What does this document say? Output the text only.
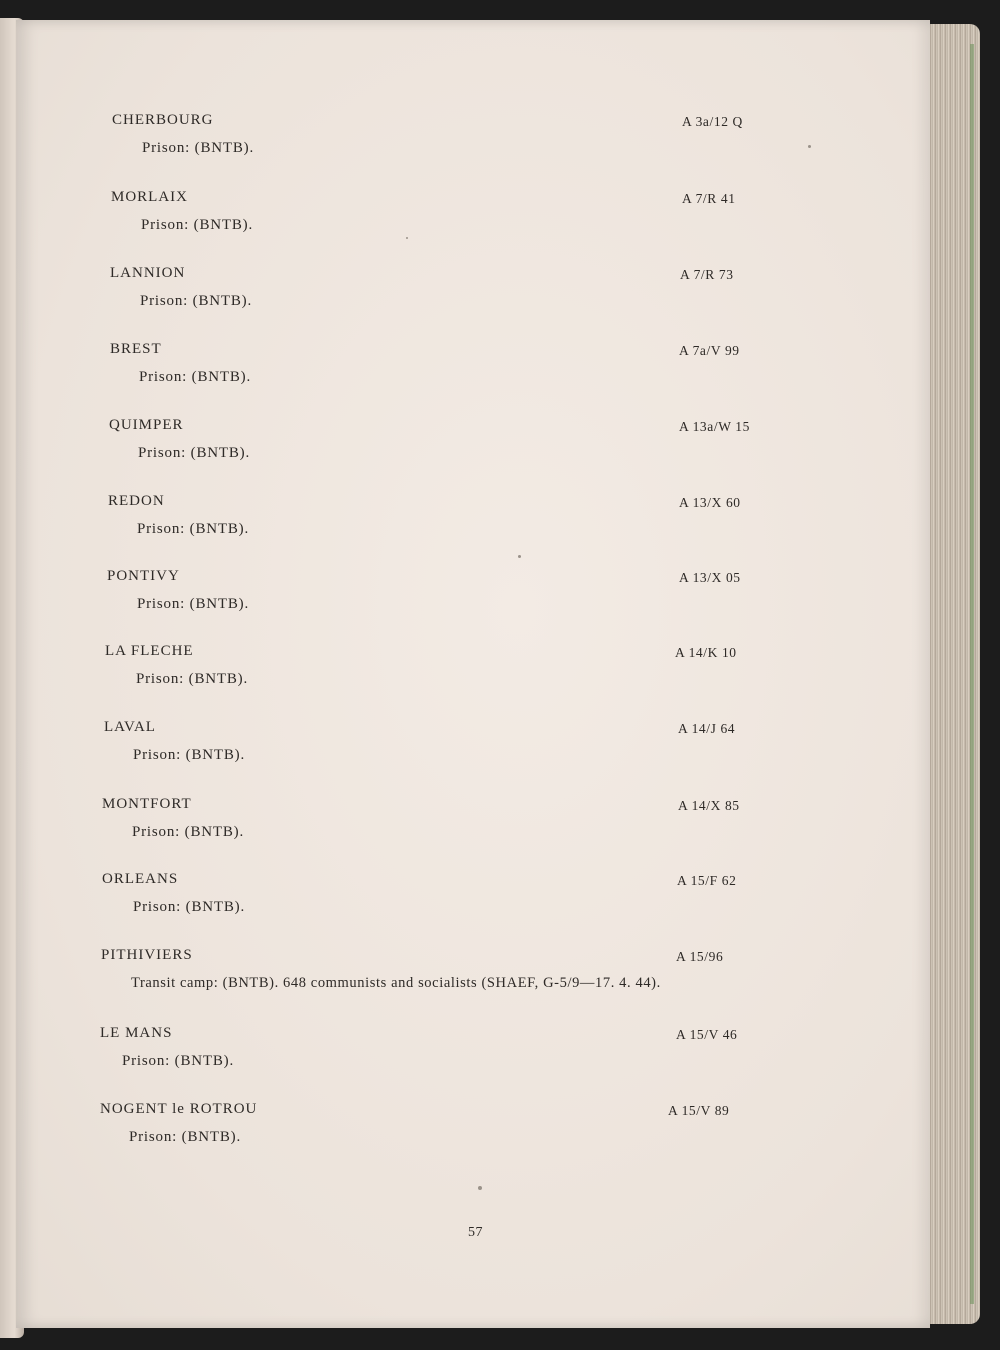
CHERBOURG	A 3a/12 Q
Prison: (BNTB).
MORLAIX	A 7/R 41
Prison: (BNTB).
LANNION	A 7/R 73
Prison: (BNTB).
BREST	A 7a/V 99
Prison: (BNTB).
QUIMPER	A 13a/W 15
Prison: (BNTB).
REDON	A 13/X 60
Prison: (BNTB).
PONTIVY	A 13/X 05
Prison: (BNTB).
LA FLECHE	A 14/K 10
Prison: (BNTB).
LAVAL	A 14/J 64
Prison: (BNTB).
MONTFORT	A 14/X 85
Prison: (BNTB).
ORLEANS	A 15/F 62
Prison: (BNTB).
PITHIVIERS	A 15/96
Transit camp: (BNTB). 648 communists and socialists (SHAEF, G-5/9—17. 4. 44).
LE MANS	A 15/V 46
Prison: (BNTB).
NOGENT le ROTROU	A 15/V 89
Prison: (BNTB).
57
